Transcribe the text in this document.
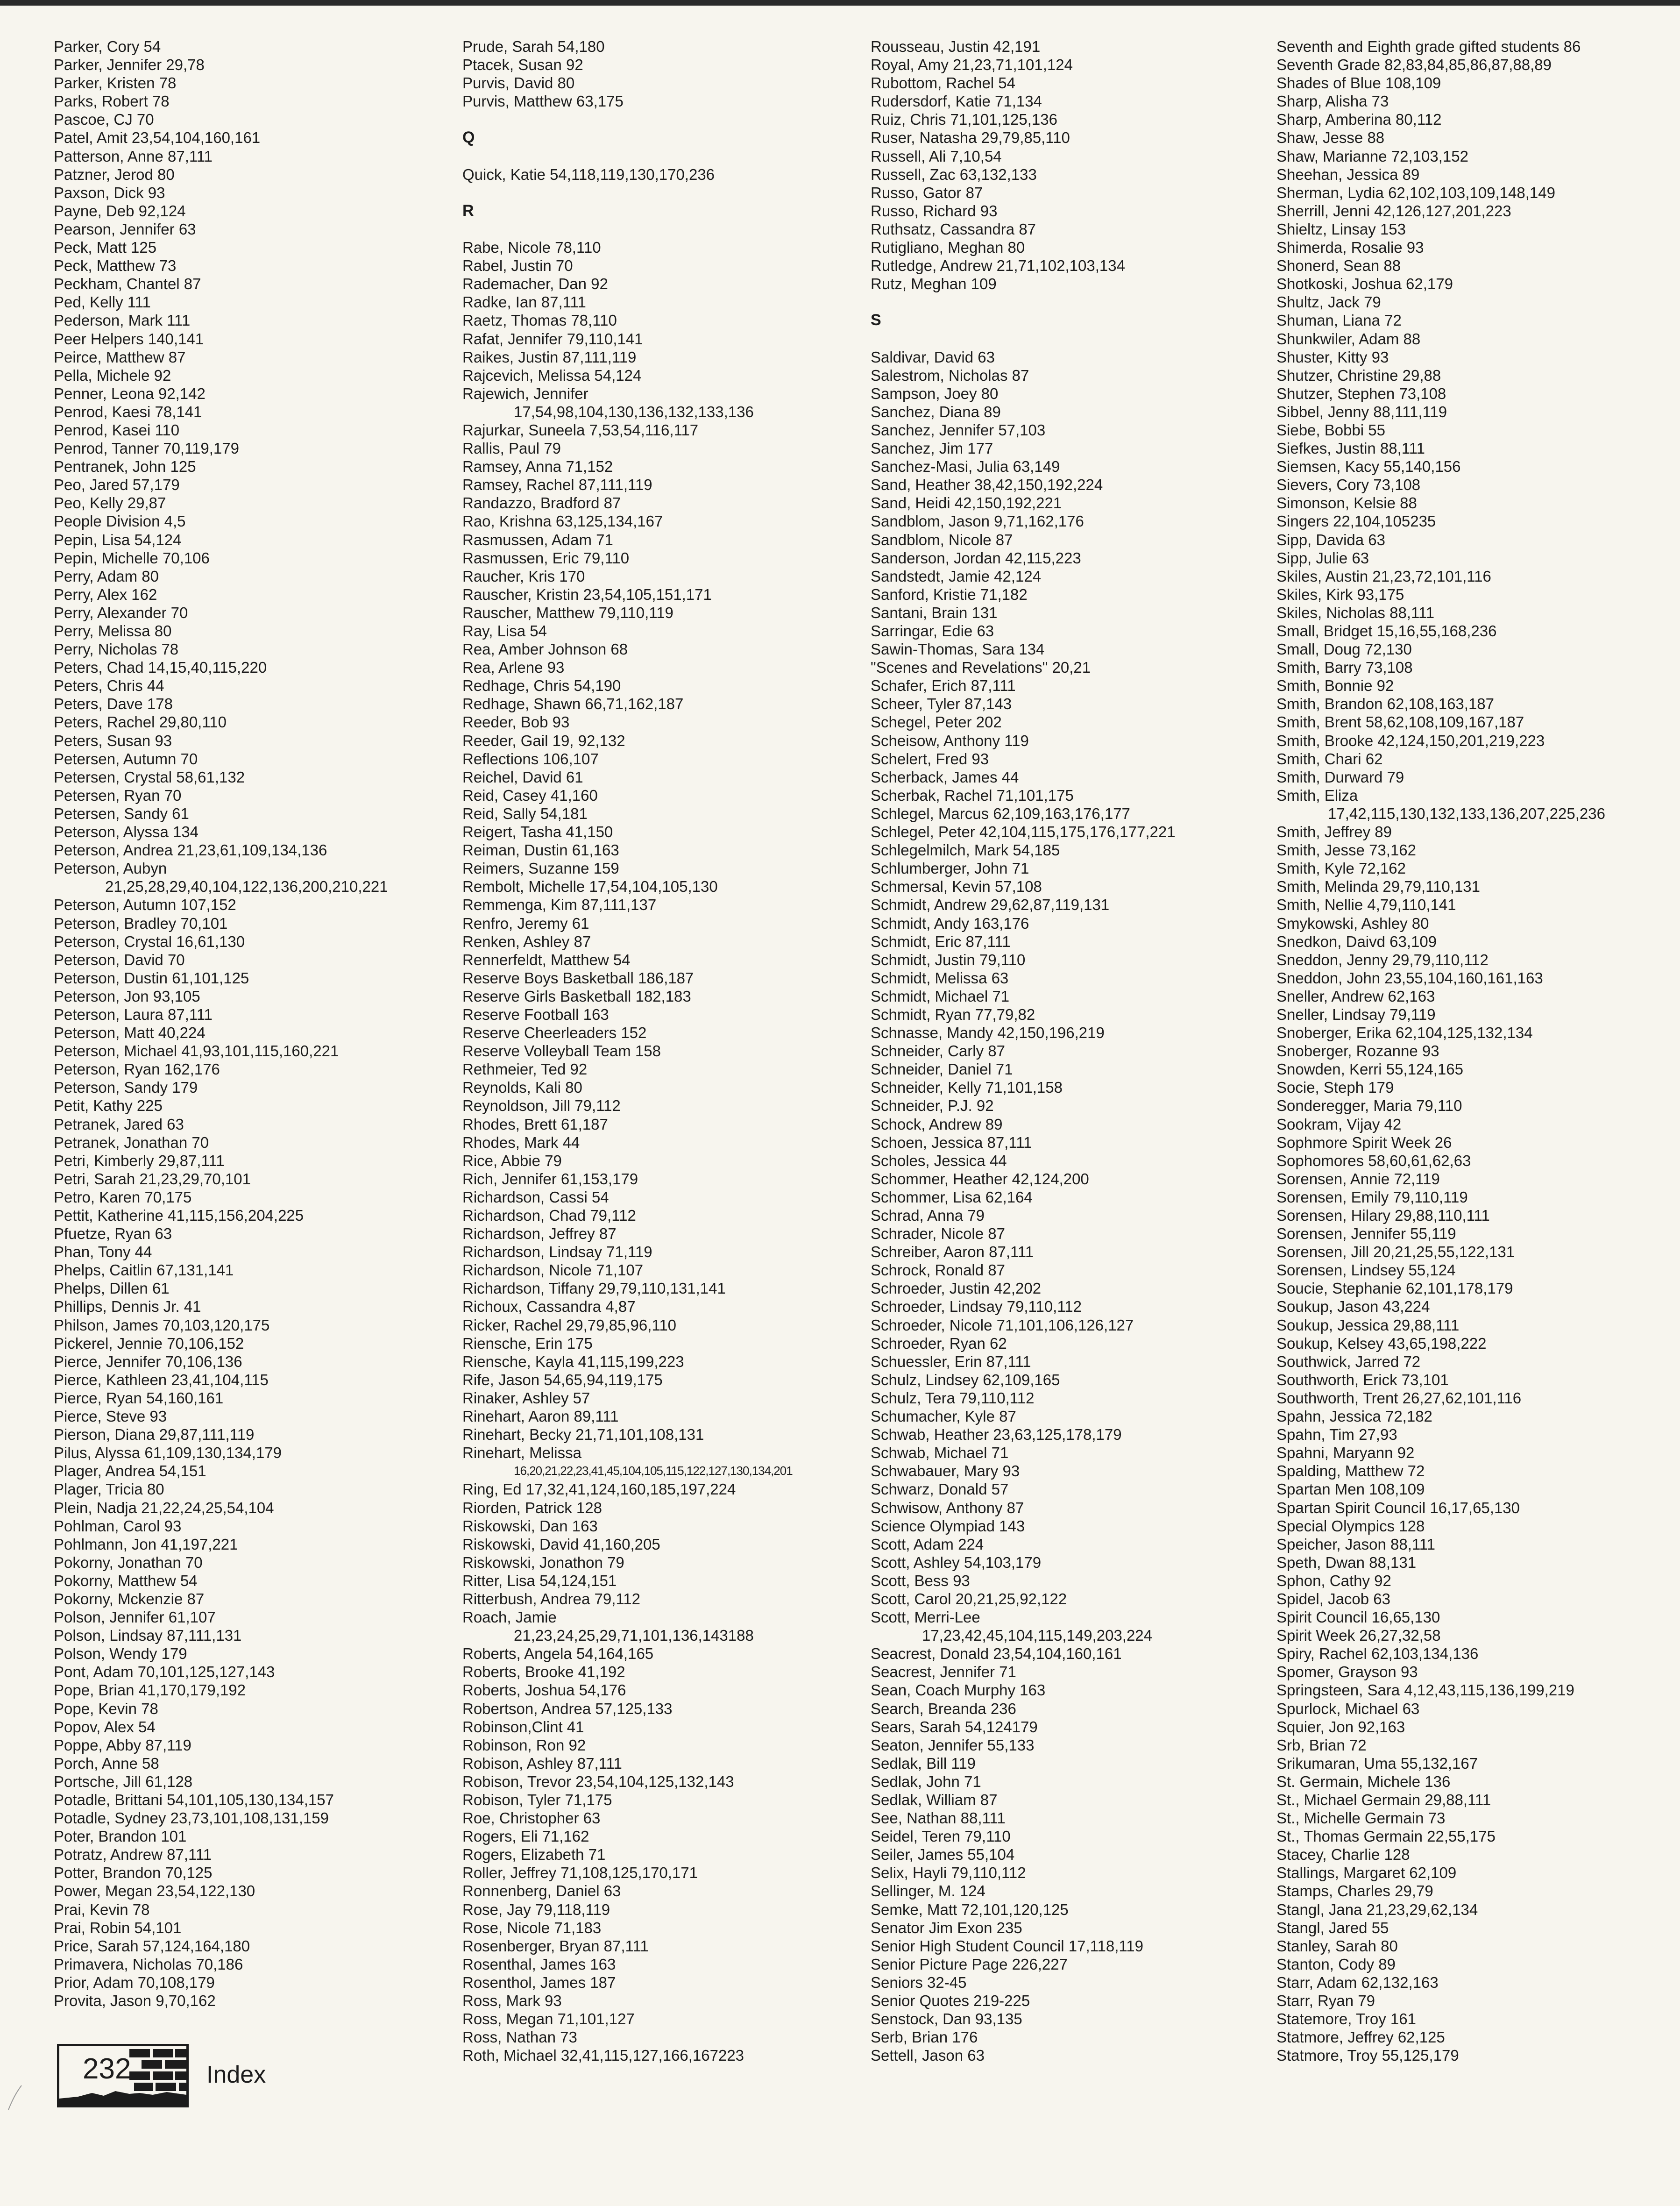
Parker, Cory 54
Parker, Jennifer 29,78
Parker, Kristen 78
Parks, Robert 78
Pascoe, CJ 70
Patel, Amit 23,54,104,160,161
Patterson, Anne 87,111
Patzner, Jerod 80
Paxson, Dick 93
Payne, Deb 92,124
Pearson, Jennifer 63
Peck, Matt 125
Peck, Matthew 73
Peckham, Chantel 87
Ped, Kelly 111
Pederson, Mark 111
Peer Helpers 140,141
Peirce, Matthew 87
Pella, Michele 92
Penner, Leona 92,142
Penrod, Kaesi 78,141
Penrod, Kasei 110
Penrod, Tanner 70,119,179
Pentranek, John 125
Peo, Jared 57,179
Peo, Kelly 29,87
People Division 4,5
Pepin, Lisa 54,124
Pepin, Michelle 70,106
Perry, Adam 80
Perry, Alex 162
Perry, Alexander 70
Perry, Melissa 80
Perry, Nicholas 78
Peters, Chad 14,15,40,115,220
Peters, Chris 44
Peters, Dave 178
Peters, Rachel 29,80,110
Peters, Susan 93
Petersen, Autumn 70
Petersen, Crystal 58,61,132
Petersen, Ryan 70
Petersen, Sandy 61
Peterson, Alyssa 134
Peterson, Andrea 21,23,61,109,134,136
Peterson, Aubyn
21,25,28,29,40,104,122,136,200,210,221
Peterson, Autumn 107,152
Peterson, Bradley 70,101
Peterson, Crystal 16,61,130
Peterson, David 70
Peterson, Dustin 61,101,125
Peterson, Jon 93,105
Peterson, Laura 87,111
Peterson, Matt 40,224
Peterson, Michael 41,93,101,115,160,221
Peterson, Ryan 162,176
Peterson, Sandy 179
Petit, Kathy 225
Petranek, Jared 63
Petranek, Jonathan 70
Petri, Kimberly 29,87,111
Petri, Sarah 21,23,29,70,101
Petro, Karen 70,175
Pettit, Katherine 41,115,156,204,225
Pfuetze, Ryan 63
Phan, Tony 44
Phelps, Caitlin 67,131,141
Phelps, Dillen 61
Phillips, Dennis Jr. 41
Philson, James 70,103,120,175
Pickerel, Jennie 70,106,152
Pierce, Jennifer 70,106,136
Pierce, Kathleen 23,41,104,115
Pierce, Ryan 54,160,161
Pierce, Steve 93
Pierson, Diana 29,87,111,119
Pilus, Alyssa 61,109,130,134,179
Plager, Andrea 54,151
Plager, Tricia 80
Plein, Nadja 21,22,24,25,54,104
Pohlman, Carol 93
Pohlmann, Jon 41,197,221
Pokorny, Jonathan 70
Pokorny, Matthew 54
Pokorny, Mckenzie 87
Polson, Jennifer 61,107
Polson, Lindsay 87,111,131
Polson, Wendy 179
Pont, Adam 70,101,125,127,143
Pope, Brian 41,170,179,192
Pope, Kevin 78
Popov, Alex 54
Poppe, Abby 87,119
Porch, Anne 58
Portsche, Jill 61,128
Potadle, Brittani 54,101,105,130,134,157
Potadle, Sydney 23,73,101,108,131,159
Poter, Brandon 101
Potratz, Andrew 87,111
Potter, Brandon 70,125
Power, Megan 23,54,122,130
Prai, Kevin 78
Prai, Robin 54,101
Price, Sarah 57,124,164,180
Primavera, Nicholas 70,186
Prior, Adam 70,108,179
Provita, Jason 9,70,162
Prude, Sarah 54,180
Ptacek, Susan 92
Purvis, David 80
Purvis, Matthew 63,175
Q
Quick, Katie 54,118,119,130,170,236
R
Rabe, Nicole 78,110
Rabel, Justin 70
Rademacher, Dan 92
Radke, Ian 87,111
Raetz, Thomas 78,110
Rafat, Jennifer 79,110,141
Raikes, Justin 87,111,119
Rajcevich, Melissa 54,124
Rajewich, Jennifer
17,54,98,104,130,136,132,133,136
Rajurkar, Suneela 7,53,54,116,117
Rallis, Paul 79
Ramsey, Anna 71,152
Ramsey, Rachel 87,111,119
Randazzo, Bradford 87
Rao, Krishna 63,125,134,167
Rasmussen, Adam 71
Rasmussen, Eric 79,110
Raucher, Kris 170
Rauscher, Kristin 23,54,105,151,171
Rauscher, Matthew 79,110,119
Ray, Lisa 54
Rea, Amber Johnson 68
Rea, Arlene 93
Redhage, Chris 54,190
Redhage, Shawn 66,71,162,187
Reeder, Bob 93
Reeder, Gail 19, 92,132
Reflections 106,107
Reichel, David 61
Reid, Casey 41,160
Reid, Sally 54,181
Reigert, Tasha 41,150
Reiman, Dustin 61,163
Reimers, Suzanne 159
Rembolt, Michelle 17,54,104,105,130
Remmenga, Kim 87,111,137
Renfro, Jeremy 61
Renken, Ashley 87
Rennerfeldt, Matthew 54
Reserve Boys Basketball 186,187
Reserve Girls Basketball 182,183
Reserve Football 163
Reserve Cheerleaders 152
Reserve Volleyball Team 158
Rethmeier, Ted 92
Reynolds, Kali 80
Reynoldson, Jill 79,112
Rhodes, Brett 61,187
Rhodes, Mark 44
Rice, Abbie 79
Rich, Jennifer 61,153,179
Richardson, Cassi 54
Richardson, Chad 79,112
Richardson, Jeffrey 87
Richardson, Lindsay 71,119
Richardson, Nicole 71,107
Richardson, Tiffany 29,79,110,131,141
Richoux, Cassandra 4,87
Ricker, Rachel 29,79,85,96,110
Riensche, Erin 175
Riensche, Kayla 41,115,199,223
Rife, Jason 54,65,94,119,175
Rinaker, Ashley 57
Rinehart, Aaron 89,111
Rinehart, Becky 21,71,101,108,131
Rinehart, Melissa
16,20,21,22,23,41,45,104,105,115,122,127,130,134,201
Ring, Ed 17,32,41,124,160,185,197,224
Riorden, Patrick 128
Riskowski, Dan 163
Riskowski, David 41,160,205
Riskowski, Jonathon 79
Ritter, Lisa 54,124,151
Ritterbush, Andrea 79,112
Roach, Jamie
21,23,24,25,29,71,101,136,143188
Roberts, Angela 54,164,165
Roberts, Brooke 41,192
Roberts, Joshua 54,176
Robertson, Andrea 57,125,133
Robinson,Clint 41
Robinson, Ron 92
Robison, Ashley 87,111
Robison, Trevor 23,54,104,125,132,143
Robison, Tyler 71,175
Roe, Christopher 63
Rogers, Eli 71,162
Rogers, Elizabeth 71
Roller, Jeffrey 71,108,125,170,171
Ronnenberg, Daniel 63
Rose, Jay 79,118,119
Rose, Nicole 71,183
Rosenberger, Bryan 87,111
Rosenthal, James 163
Rosenthol, James 187
Ross, Mark 93
Ross, Megan 71,101,127
Ross, Nathan 73
Roth, Michael 32,41,115,127,166,167223
Rousseau, Justin 42,191
Royal, Amy 21,23,71,101,124
Rubottom, Rachel 54
Rudersdorf, Katie 71,134
Ruiz, Chris 71,101,125,136
Ruser, Natasha 29,79,85,110
Russell, Ali 7,10,54
Russell, Zac 63,132,133
Russo, Gator 87
Russo, Richard 93
Ruthsatz, Cassandra 87
Rutigliano, Meghan 80
Rutledge, Andrew 21,71,102,103,134
Rutz, Meghan 109
S
Saldivar, David 63
Salestrom, Nicholas 87
Sampson, Joey 80
Sanchez, Diana 89
Sanchez, Jennifer 57,103
Sanchez, Jim 177
Sanchez-Masi, Julia 63,149
Sand, Heather 38,42,150,192,224
Sand, Heidi 42,150,192,221
Sandblom, Jason 9,71,162,176
Sandblom, Nicole 87
Sanderson, Jordan 42,115,223
Sandstedt, Jamie 42,124
Sanford, Kristie 71,182
Santani, Brain 131
Sarringar, Edie 63
Sawin-Thomas, Sara 134
"Scenes and Revelations" 20,21
Schafer, Erich 87,111
Scheer, Tyler 87,143
Schegel, Peter 202
Scheisow, Anthony 119
Schelert, Fred 93
Scherback, James 44
Scherbak, Rachel 71,101,175
Schlegel, Marcus 62,109,163,176,177
Schlegel, Peter 42,104,115,175,176,177,221
Schlegelmilch, Mark 54,185
Schlumberger, John 71
Schmersal, Kevin 57,108
Schmidt, Andrew 29,62,87,119,131
Schmidt, Andy 163,176
Schmidt, Eric 87,111
Schmidt, Justin 79,110
Schmidt, Melissa 63
Schmidt, Michael 71
Schmidt, Ryan 77,79,82
Schnasse, Mandy 42,150,196,219
Schneider, Carly 87
Schneider, Daniel 71
Schneider, Kelly 71,101,158
Schneider, P.J. 92
Schock, Andrew 89
Schoen, Jessica 87,111
Scholes, Jessica 44
Schommer, Heather 42,124,200
Schommer, Lisa 62,164
Schrad, Anna 79
Schrader, Nicole 87
Schreiber, Aaron 87,111
Schrock, Ronald 87
Schroeder, Justin 42,202
Schroeder, Lindsay 79,110,112
Schroeder, Nicole 71,101,106,126,127
Schroeder, Ryan 62
Schuessler, Erin 87,111
Schulz, Lindsey 62,109,165
Schulz, Tera 79,110,112
Schumacher, Kyle 87
Schwab, Heather 23,63,125,178,179
Schwab, Michael 71
Schwabauer, Mary 93
Schwarz, Donald 57
Schwisow, Anthony 87
Science Olympiad 143
Scott, Adam 224
Scott, Ashley 54,103,179
Scott, Bess 93
Scott, Carol 20,21,25,92,122
Scott, Merri-Lee
17,23,42,45,104,115,149,203,224
Seacrest, Donald 23,54,104,160,161
Seacrest, Jennifer 71
Sean, Coach Murphy 163
Search, Breanda 236
Sears, Sarah 54,124179
Seaton, Jennifer 55,133
Sedlak, Bill 119
Sedlak, John 71
Sedlak, William 87
See, Nathan 88,111
Seidel, Teren 79,110
Seiler, James 55,104
Selix, Hayli 79,110,112
Sellinger, M. 124
Semke, Matt 72,101,120,125
Senator Jim Exon 235
Senior High Student Council 17,118,119
Senior Picture Page 226,227
Seniors 32-45
Senior Quotes 219-225
Senstock, Dan 93,135
Serb, Brian 176
Settell, Jason 63
Seventh and Eighth grade gifted students 86
Seventh Grade 82,83,84,85,86,87,88,89
Shades of Blue 108,109
Sharp, Alisha 73
Sharp, Amberina 80,112
Shaw, Jesse 88
Shaw, Marianne 72,103,152
Sheehan, Jessica 89
Sherman, Lydia 62,102,103,109,148,149
Sherrill, Jenni 42,126,127,201,223
Shieltz, Linsay 153
Shimerda, Rosalie 93
Shonerd, Sean 88
Shotkoski, Joshua 62,179
Shultz, Jack 79
Shuman, Liana 72
Shunkwiler, Adam 88
Shuster, Kitty 93
Shutzer, Christine 29,88
Shutzer, Stephen 73,108
Sibbel, Jenny 88,111,119
Siebe, Bobbi 55
Siefkes, Justin 88,111
Siemsen, Kacy 55,140,156
Sievers, Cory 73,108
Simonson, Kelsie 88
Singers 22,104,105235
Sipp, Davida 63
Sipp, Julie 63
Skiles, Austin 21,23,72,101,116
Skiles, Kirk 93,175
Skiles, Nicholas 88,111
Small, Bridget 15,16,55,168,236
Small, Doug 72,130
Smith, Barry 73,108
Smith, Bonnie 92
Smith, Brandon 62,108,163,187
Smith, Brent 58,62,108,109,167,187
Smith, Brooke 42,124,150,201,219,223
Smith, Chari 62
Smith, Durward 79
Smith, Eliza
17,42,115,130,132,133,136,207,225,236
Smith, Jeffrey 89
Smith, Jesse 73,162
Smith, Kyle 72,162
Smith, Melinda 29,79,110,131
Smith, Nellie 4,79,110,141
Smykowski, Ashley 80
Snedkon, Daivd 63,109
Sneddon, Jenny 29,79,110,112
Sneddon, John 23,55,104,160,161,163
Sneller, Andrew 62,163
Sneller, Lindsay 79,119
Snoberger, Erika 62,104,125,132,134
Snoberger, Rozanne 93
Snowden, Kerri 55,124,165
Socie, Steph 179
Sonderegger, Maria 79,110
Sookram, Vijay 42
Sophmore Spirit Week 26
Sophomores 58,60,61,62,63
Sorensen, Annie 72,119
Sorensen, Emily 79,110,119
Sorensen, Hilary 29,88,110,111
Sorensen, Jennifer 55,119
Sorensen, Jill 20,21,25,55,122,131
Sorensen, Lindsey 55,124
Soucie, Stephanie 62,101,178,179
Soukup, Jason 43,224
Soukup, Jessica 29,88,111
Soukup, Kelsey 43,65,198,222
Southwick, Jarred 72
Southworth, Erick 73,101
Southworth, Trent 26,27,62,101,116
Spahn, Jessica 72,182
Spahn, Tim 27,93
Spahni, Maryann 92
Spalding, Matthew 72
Spartan Men 108,109
Spartan Spirit Council 16,17,65,130
Special Olympics 128
Speicher, Jason 88,111
Speth, Dwan 88,131
Sphon, Cathy 92
Spidel, Jacob 63
Spirit Council 16,65,130
Spirit Week 26,27,32,58
Spiry, Rachel 62,103,134,136
Spomer, Grayson 93
Springsteen, Sara 4,12,43,115,136,199,219
Spurlock, Michael 63
Squier, Jon 92,163
Srb, Brian 72
Srikumaran, Uma 55,132,167
St. Germain, Michele 136
St., Michael Germain 29,88,111
St., Michelle Germain 73
St., Thomas Germain 22,55,175
Stacey, Charlie 128
Stallings, Margaret 62,109
Stamps, Charles 29,79
Stangl, Jana 21,23,29,62,134
Stangl, Jared 55
Stanley, Sarah 80
Stanton, Cody 89
Starr, Adam 62,132,163
Starr, Ryan 79
Statemore, Troy 161
Statmore, Jeffrey 62,125
Statmore, Troy 55,125,179
232	Index
